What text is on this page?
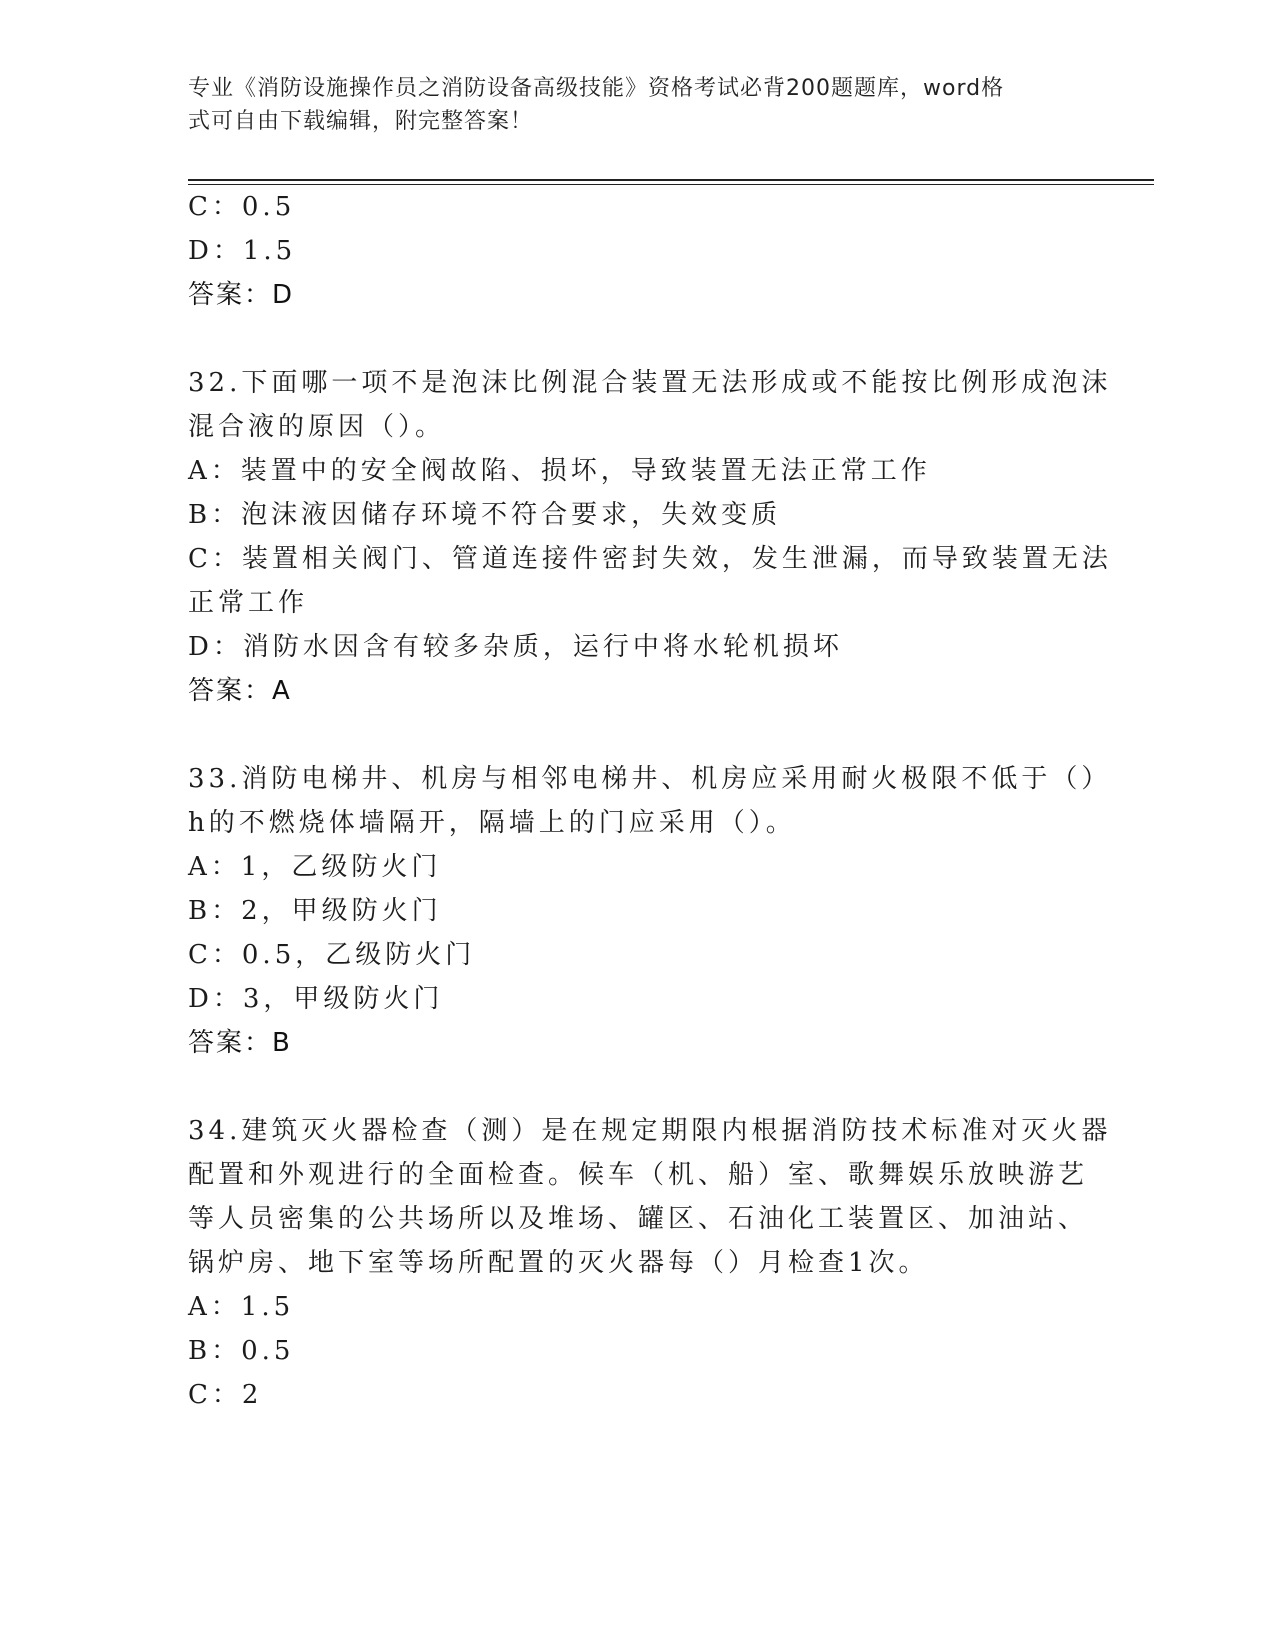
专业《消防设施操作员之消防设备高级技能》资格考试必背200题题库，word格
式可自由下载编辑，附完整答案！
C：0.5
D：1.5
答案：D
32.下面哪一项不是泡沫比例混合装置无法形成或不能按比例形成泡沫
混合液的原因（）。
A：装置中的安全阀故陷、损坏，导致装置无法正常工作
B：泡沫液因储存环境不符合要求，失效变质
C：装置相关阀门、管道连接件密封失效，发生泄漏，而导致装置无法
正常工作
D：消防水因含有较多杂质，运行中将水轮机损坏
答案：A
33.消防电梯井、机房与相邻电梯井、机房应采用耐火极限不低于（）
h的不燃烧体墙隔开，隔墙上的门应采用（）。
A：1，乙级防火门
B：2，甲级防火门
C：0.5，乙级防火门
D：3，甲级防火门
答案：B
34.建筑灭火器检查（测）是在规定期限内根据消防技术标准对灭火器
配置和外观进行的全面检查。候车（机、船）室、歌舞娱乐放映游艺
等人员密集的公共场所以及堆场、罐区、石油化工装置区、加油站、
锅炉房、地下室等场所配置的灭火器每（）月检查1次。
A：1.5
B：0.5
C：2
